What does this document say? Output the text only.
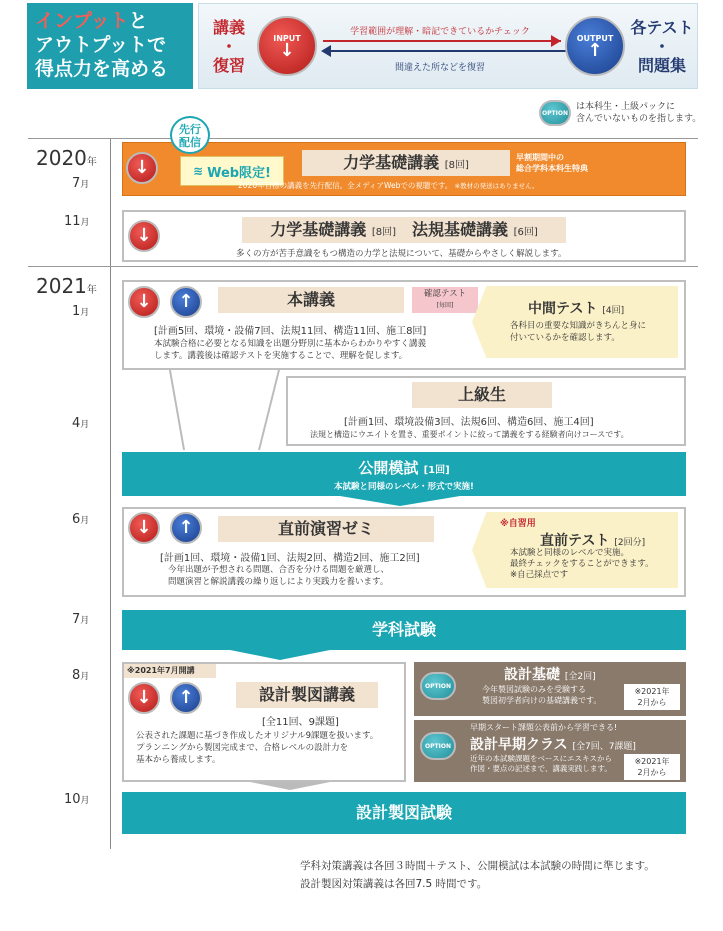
インプットと
アウトプットで
得点力を高める
講義
・
復習
INPUT
↓
学習範囲が理解・暗記できているかチェック
間違えた所などを復習
OUTPUT
↑
各テスト
・
問題集
OPTION
は本科生・上級パックに
含んでいないものを指します。
2020年
7月
11月
2021年
1月
4月
6月
7月
8月
10月
↓
先行
配信
≋ Web限定!
力学基礎講義 [8回]
早割期間中の
総合学科本科生特典
2020年目標の講義を先行配信。全メディアWebでの視聴です。 ※教材の発送はありません。
↓
力学基礎講義 [8回]　 法規基礎講義 [6回]
多くの方が苦手意識をもつ構造の力学と法規について、基礎からやさしく解説します。
↓
↑
本講義	確認テスト
[毎回]
[計画5回、環境・設備7回、法規11回、構造11回、施工8回]
本試験合格に必要となる知識を出題分野別に基本からわかりやすく講義
します。講義後は確認テストを実施することで、理解を促します。
中間テスト [4回]
各科目の重要な知識がきちんと身に
付いているかを確認します。
上級生
[計画1回、環境設備3回、法規6回、構造6回、施工4回]
法規と構造にウエイトを置き、重要ポイントに絞って講義をする経験者向けコースです。
公開模試 [1回]
本試験と同様のレベル・形式で実施!
↓
↑
直前演習ゼミ
[計画1回、環境・設備1回、法規2回、構造2回、施工2回]
今年出題が予想される問題、合否を分ける問題を厳選し、
問題演習と解説講義の繰り返しにより実践力を養います。
※自習用
直前テスト [2回分]
本試験と同様のレベルで実施。
最終チェックをすることができます。
※自己採点です
学科試験
※2021年7月開講
↓
↑
設計製図講義
[全11回、9課題]
公表された課題に基づき作成したオリジナル9課題を扱います。
プランニングから製図完成まで、合格レベルの設計力を
基本から養成します。
OPTION
設計基礎 [全2回]
今年製図試験のみを受験する
製図初学者向けの基礎講義です。
※2021年
2月から
OPTION
早期スタート課題公表前から学習できる!
設計早期クラス [全7回、7課題]
近年の本試験課題をベースにエスキスから
作図・要点の記述まで、講義実践します。
※2021年
2月から
設計製図試験
学科対策講義は各回３時間＋テスト、公開模試は本試験の時間に準じます。
設計製図対策講義は各回7.5 時間です。
